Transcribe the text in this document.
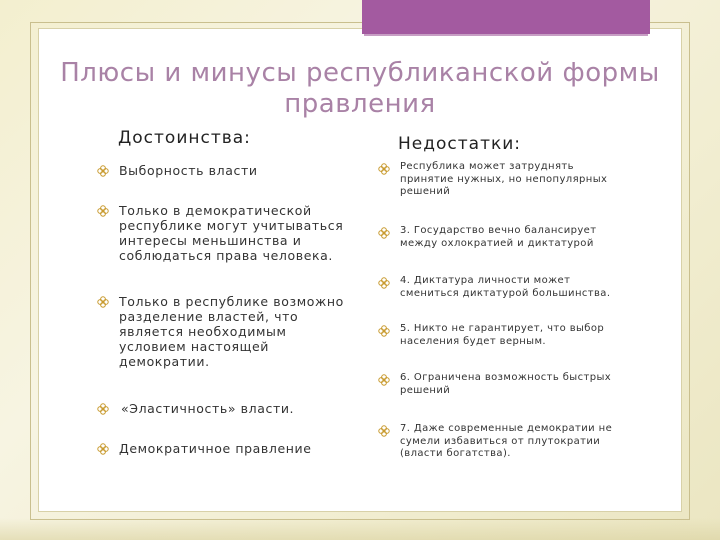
Плюсы и минусы республиканской формы правления
Достоинства:	Недостатки:
Выборность власти
Только в демократической республике могут учитываться интересы меньшинства и соблюдаться права человека.
Только в республике возможно разделение властей, что является необходимым условием настоящей демократии.
«Эластичность» власти.
Демократичное правление
Республика может затруднять принятие нужных, но непопулярных решений
3. Государство вечно балансирует между охлократией и диктатурой
4. Диктатура личности может смениться диктатурой большинства.
5. Никто не гарантирует, что выбор населения будет верным.
6. Ограничена возможность быстрых решений
7. Даже современные демократии не сумели избавиться от плутократии (власти богатства).
